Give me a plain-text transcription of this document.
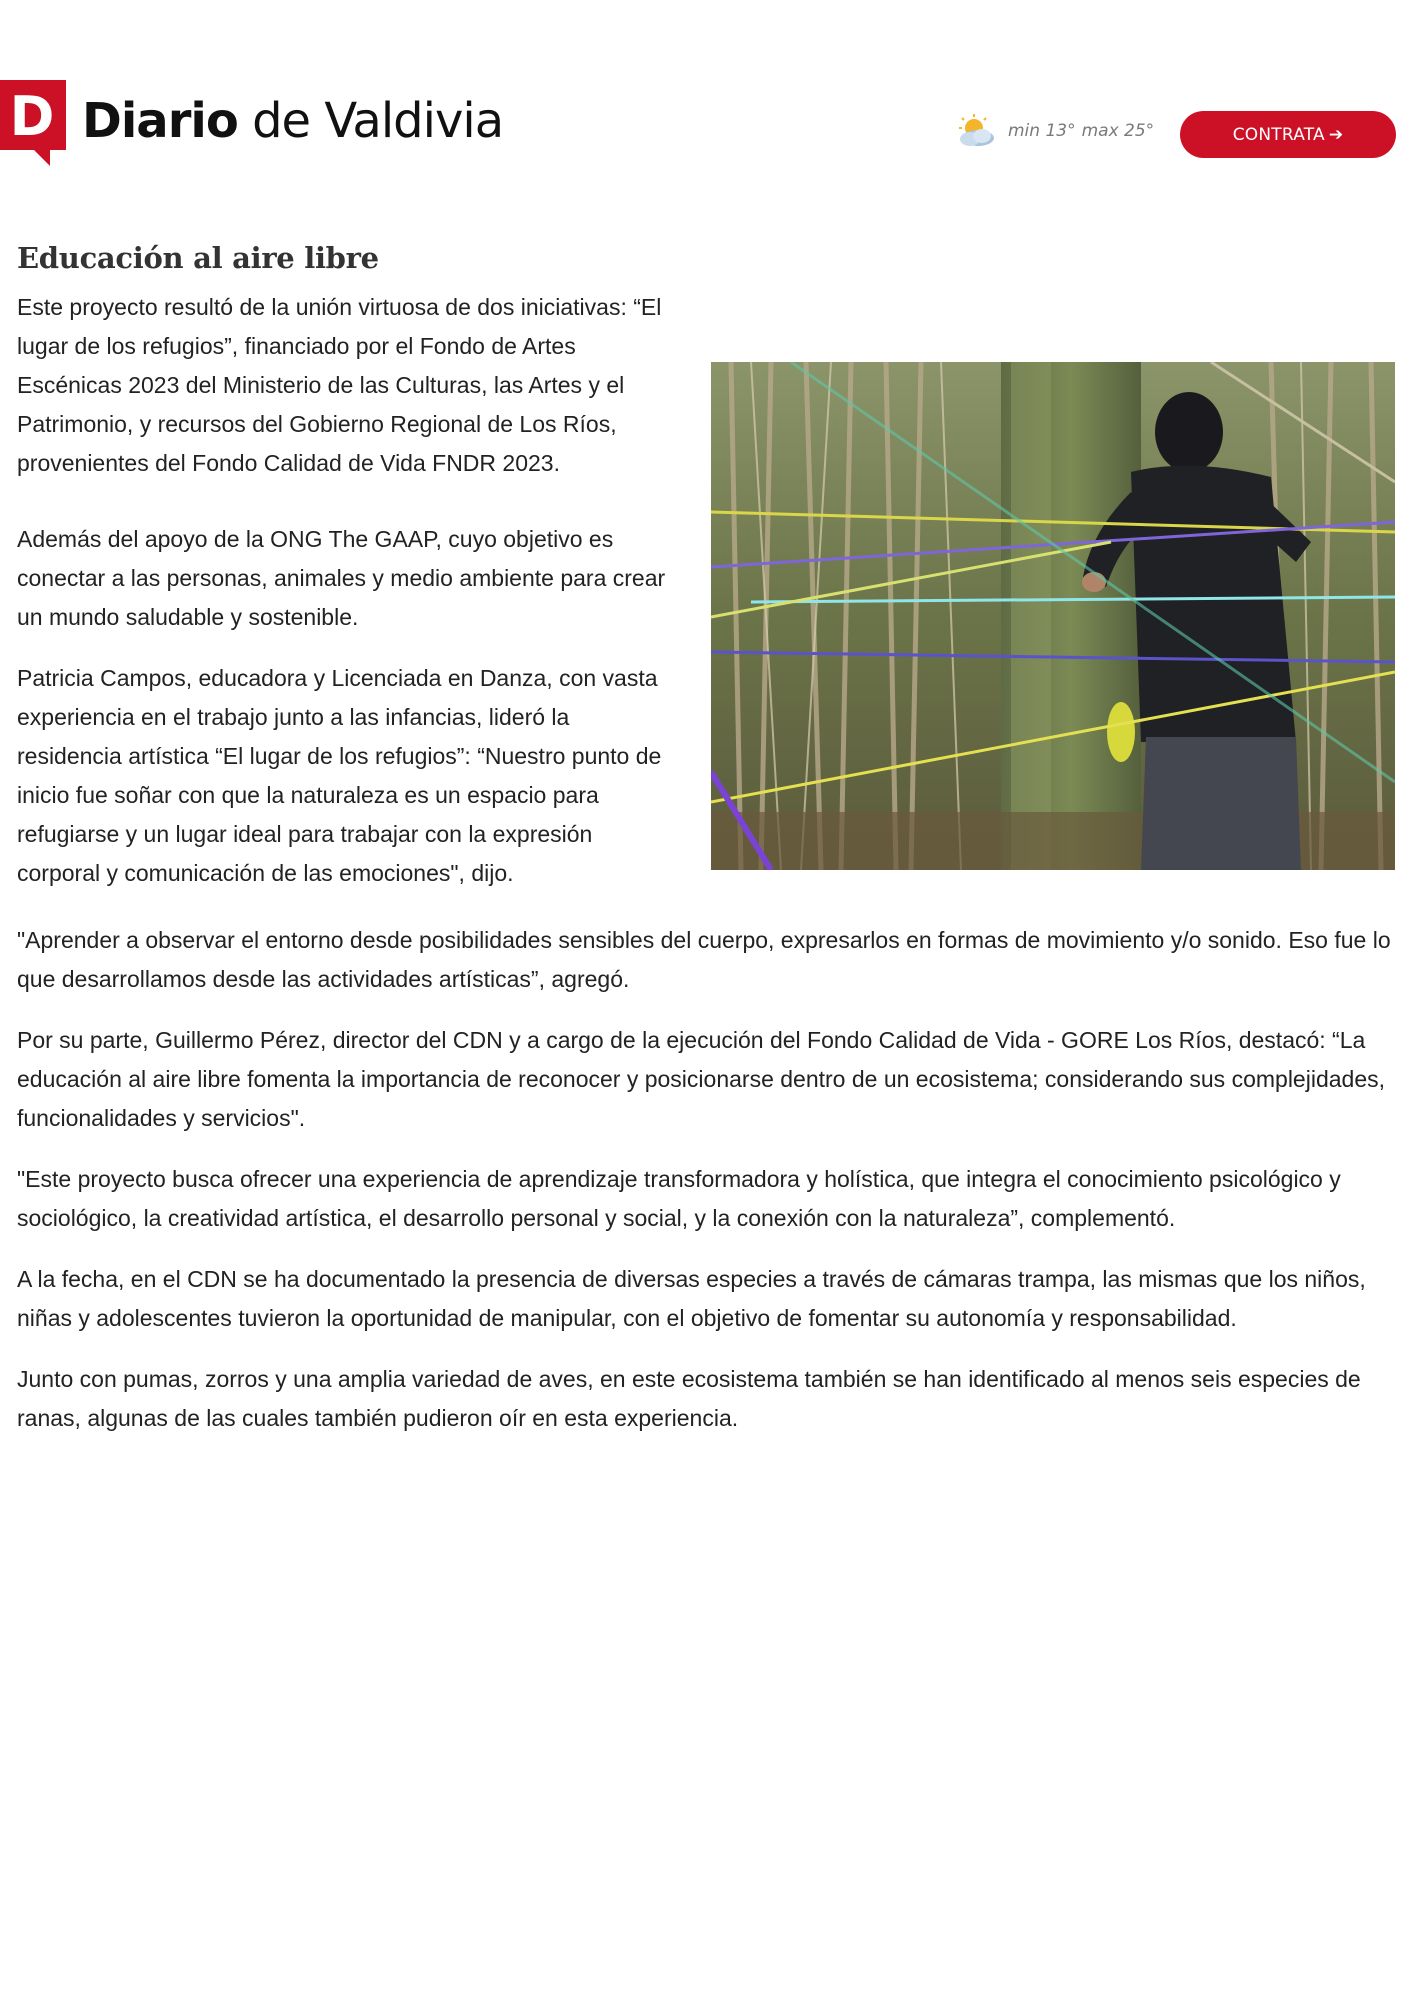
D Diario de Valdivia	min 13° max 25°	CONTRATA ➔
Educación al aire libre

Este proyecto resultó de la unión virtuosa de dos iniciativas: “El lugar de los refugios”, financiado por el Fondo de Artes Escénicas 2023 del Ministerio de las Culturas, las Artes y el Patrimonio, y recursos del Gobierno Regional de Los Ríos, provenientes del Fondo Calidad de Vida FNDR 2023.

Además del apoyo de la ONG The GAAP, cuyo objetivo es conectar a las personas, animales y medio ambiente para crear un mundo saludable y sostenible.

Patricia Campos, educadora y Licenciada en Danza, con vasta experiencia en el trabajo junto a las infancias, lideró la residencia artística “El lugar de los refugios”: “Nuestro punto de inicio fue soñar con que la naturaleza es un espacio para refugiarse y un lugar ideal para trabajar con la expresión corporal y comunicación de las emociones", dijo.

"Aprender a observar el entorno desde posibilidades sensibles del cuerpo, expresarlos en formas de movimiento y/o sonido. Eso fue lo que desarrollamos desde las actividades artísticas”, agregó.

Por su parte, Guillermo Pérez, director del CDN y a cargo de la ejecución del Fondo Calidad de Vida - GORE Los Ríos, destacó: “La educación al aire libre fomenta la importancia de reconocer y posicionarse dentro de un ecosistema; considerando sus complejidades, funcionalidades y servicios".

"Este proyecto busca ofrecer una experiencia de aprendizaje transformadora y holística, que integra el conocimiento psicológico y sociológico, la creatividad artística, el desarrollo personal y social, y la conexión con la naturaleza”, complementó.

A la fecha, en el CDN se ha documentado la presencia de diversas especies a través de cámaras trampa, las mismas que los niños, niñas y adolescentes tuvieron la oportunidad de manipular, con el objetivo de fomentar su autonomía y responsabilidad.

Junto con pumas, zorros y una amplia variedad de aves, en este ecosistema también se han identificado al menos seis especies de ranas, algunas de las cuales también pudieron oír en esta experiencia.
